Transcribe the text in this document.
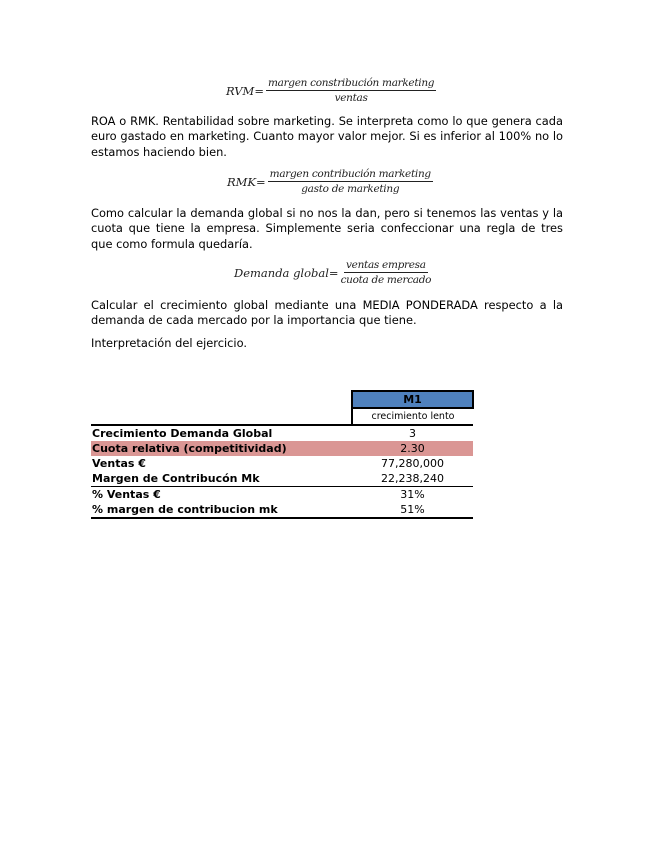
$RVM= \frac{\text{margen constribución marketing}}{\text{ventas}}$
ROA o RMK. Rentabilidad sobre marketing. Se interpreta como lo que genera cada euro gastado en marketing. Cuanto mayor valor mejor. Si es inferior al 100% no lo estamos haciendo bien.
$RMK= \frac{\text{margen contribución marketing}}{\text{gasto de marketing}}$
Como calcular la demanda global si no nos la dan, pero si tenemos las ventas y la cuota que tiene la empresa. Simplemente seria confeccionar una regla de tres que como formula quedaría.
Demanda global= $\frac{\text{ventas empresa}}{\text{cuota de mercado}}$
Calcular el crecimiento global mediante una MEDIA PONDERADA respecto a la demanda de cada mercado por la importancia que tiene.
Interpretación del ejercicio.
	M1
	crecimiento lento
Crecimiento Demanda Global	3
Cuota relativa (competitividad)	2.30
Ventas €	77,280,000
Margen de Contribucón Mk	22,238,240
% Ventas €	31%
% margen de contribucion mk	51%
